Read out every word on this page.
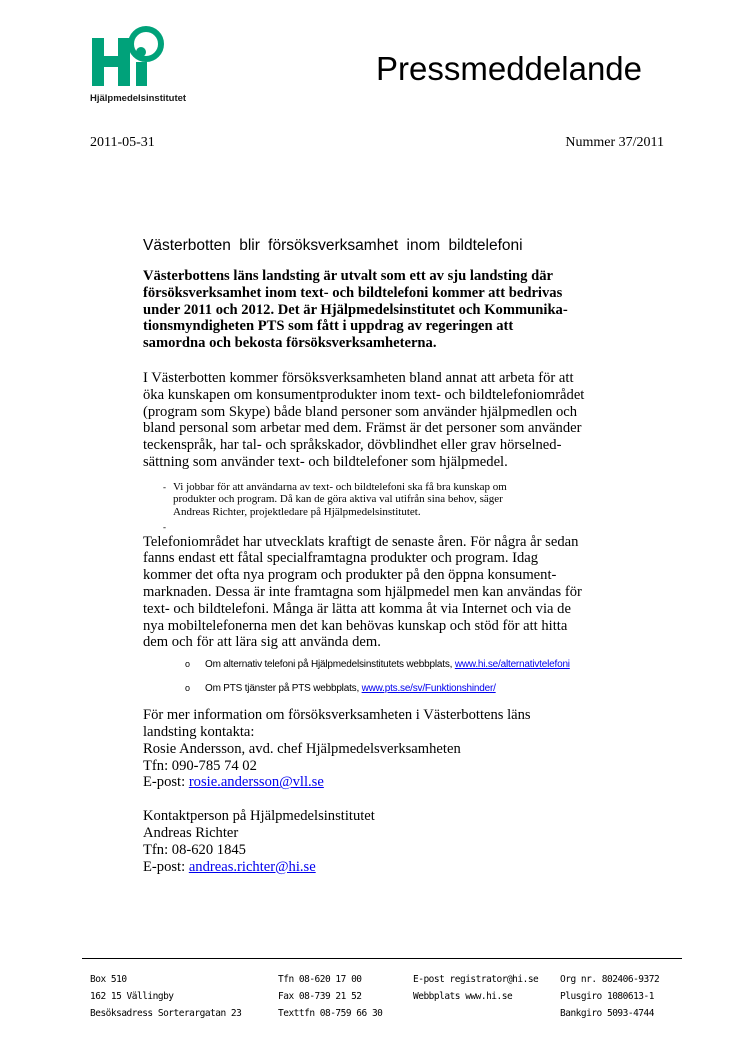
Hjälpmedelsinstitutet
Pressmeddelande
2011-05-31	Nummer 37/2011
Västerbotten blir försöksverksamhet inom bildtelefoni
Västerbottens läns landsting är utvalt som ett av sju landsting där
försöksverksamhet inom text- och bildtelefoni kommer att bedrivas
under 2011 och 2012. Det är Hjälpmedelsinstitutet och Kommunika-
tionsmyndigheten PTS som fått i uppdrag av regeringen att
samordna och bekosta försöksverksamheterna.
I Västerbotten kommer försöksverksamheten bland annat att arbeta för att
öka kunskapen om konsumentprodukter inom text- och bildtelefoniområdet
(program som Skype) både bland personer som använder hjälpmedlen och
bland personal som arbetar med dem. Främst är det personer som använder
teckenspråk, har tal- och språkskador, dövblindhet eller grav hörselned-
sättning som använder text- och bildtelefoner som hjälpmedel.
- Vi jobbar för att användarna av text- och bildtelefoni ska få bra kunskap om
produkter och program. Då kan de göra aktiva val utifrån sina behov, säger
Andreas Richter, projektledare på Hjälpmedelsinstitutet.
-
Telefoniområdet har utvecklats kraftigt de senaste åren. För några år sedan
fanns endast ett fåtal specialframtagna produkter och program. Idag
kommer det ofta nya program och produkter på den öppna konsument-
marknaden. Dessa är inte framtagna som hjälpmedel men kan användas för
text- och bildtelefoni. Många är lätta att komma åt via Internet och via de
nya mobiltelefonerna men det kan behövas kunskap och stöd för att hitta
dem och för att lära sig att använda dem.
o Om alternativ telefoni på Hjälpmedelsinstitutets webbplats, www.hi.se/alternativtelefoni
o Om PTS tjänster på PTS webbplats, www.pts.se/sv/Funktionshinder/
För mer information om försöksverksamheten i Västerbottens läns
landsting kontakta:
Rosie Andersson, avd. chef Hjälpmedelsverksamheten
Tfn: 090-785 74 02
E-post: rosie.andersson@vll.se
Kontaktperson på Hjälpmedelsinstitutet
Andreas Richter
Tfn: 08-620 1845
E-post: andreas.richter@hi.se
Box 510
162 15 Vällingby
Besöksadress Sorterargatan 23
Tfn 08-620 17 00
Fax 08-739 21 52
Texttfn 08-759 66 30
E-post registrator@hi.se
Webbplats www.hi.se
Org nr. 802406-9372
Plusgiro 1080613-1
Bankgiro 5093-4744
